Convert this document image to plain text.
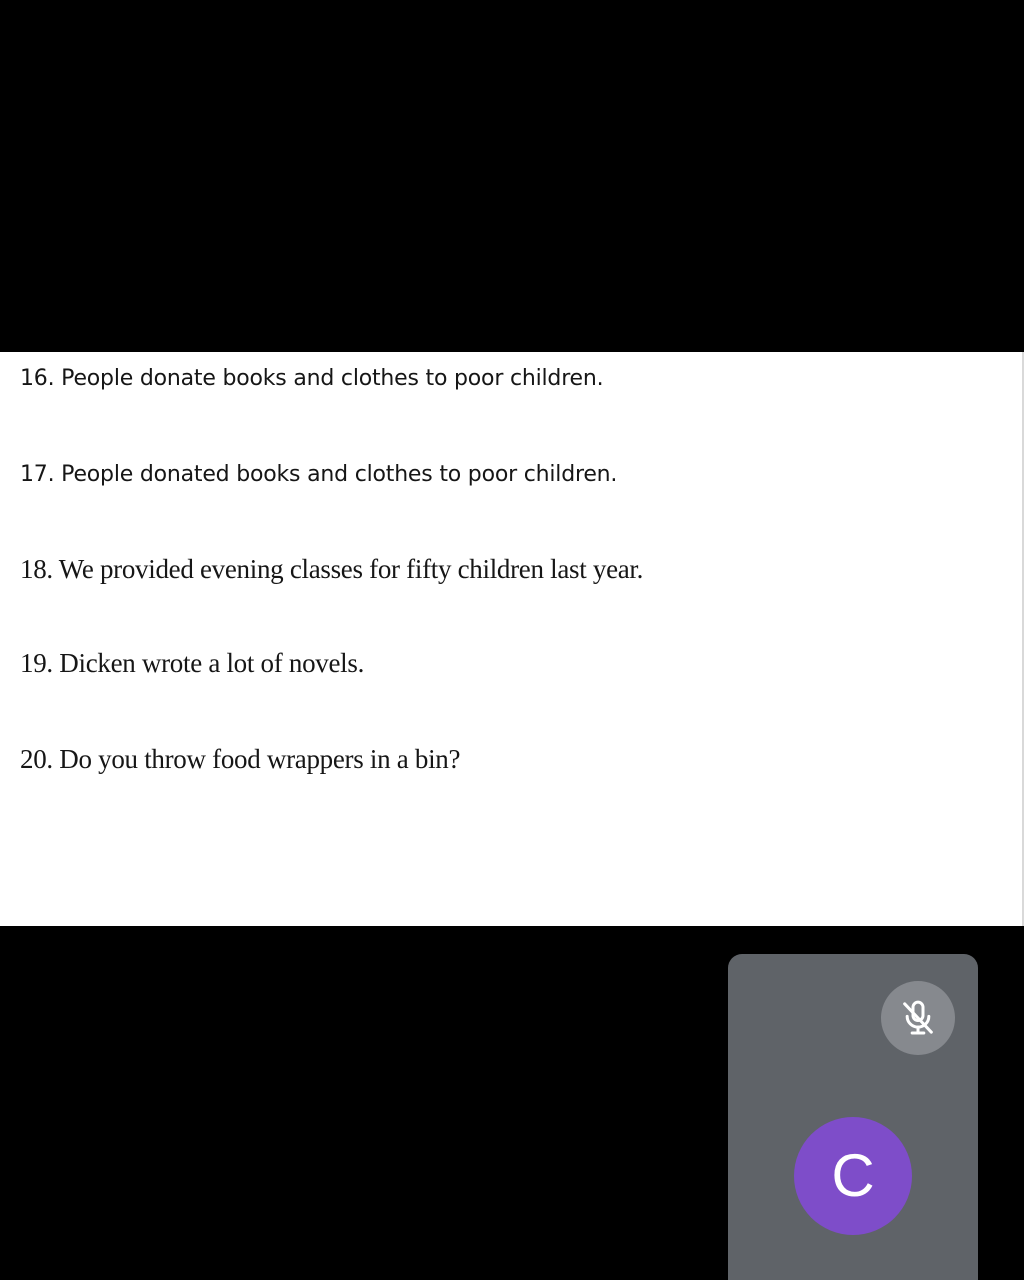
16. People donate books and clothes to poor children.
17. People donated books and clothes to poor children.
18. We provided evening classes for fifty children last year.
19. Dicken wrote a lot of novels.
20. Do you throw food wrappers in a bin?
C
